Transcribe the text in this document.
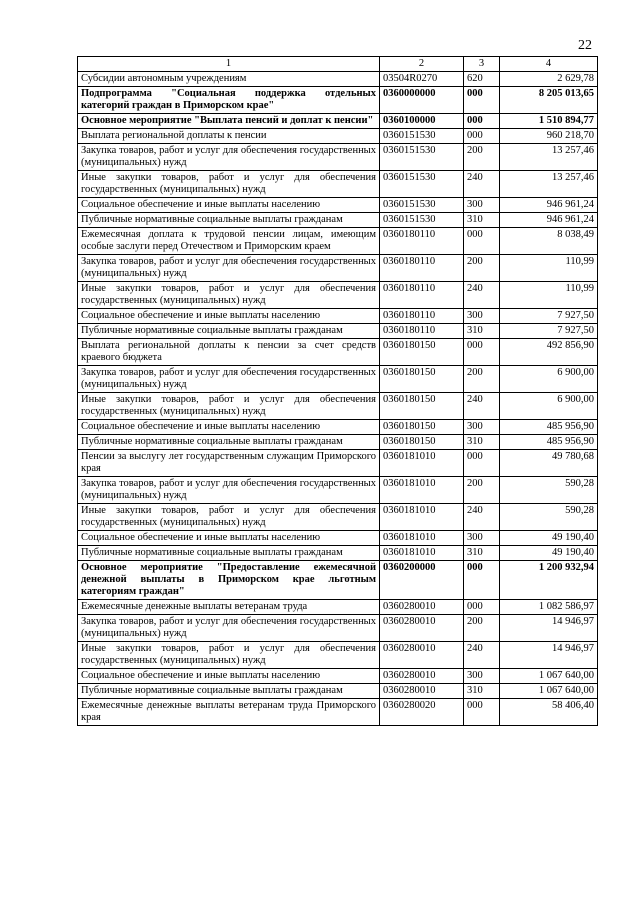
22
1	2	3	4
Субсидии автономным учреждениям	03504R0270	620	2 629,78
Подпрограмма "Социальная поддержка отдельных категорий граждан в Приморском крае"	0360000000	000	8 205 013,65
Основное мероприятие "Выплата пенсий и доплат к пенсии"	0360100000	000	1 510 894,77
Выплата региональной доплаты к пенсии	0360151530	000	960 218,70
Закупка товаров, работ и услуг для обеспечения государственных (муниципальных) нужд	0360151530	200	13 257,46
Иные закупки товаров, работ и услуг для обеспечения государственных (муниципальных) нужд	0360151530	240	13 257,46
Социальное обеспечение и иные выплаты населению	0360151530	300	946 961,24
Публичные нормативные социальные выплаты гражданам	0360151530	310	946 961,24
Ежемесячная доплата к трудовой пенсии лицам, имеющим особые заслуги перед Отечеством и Приморским краем	0360180110	000	8 038,49
Закупка товаров, работ и услуг для обеспечения государственных (муниципальных) нужд	0360180110	200	110,99
Иные закупки товаров, работ и услуг для обеспечения государственных (муниципальных) нужд	0360180110	240	110,99
Социальное обеспечение и иные выплаты населению	0360180110	300	7 927,50
Публичные нормативные социальные выплаты гражданам	0360180110	310	7 927,50
Выплата региональной доплаты к пенсии за счет средств краевого бюджета	0360180150	000	492 856,90
Закупка товаров, работ и услуг для обеспечения государственных (муниципальных) нужд	0360180150	200	6 900,00
Иные закупки товаров, работ и услуг для обеспечения государственных (муниципальных) нужд	0360180150	240	6 900,00
Социальное обеспечение и иные выплаты населению	0360180150	300	485 956,90
Публичные нормативные социальные выплаты гражданам	0360180150	310	485 956,90
Пенсии за выслугу лет государственным служащим Приморского края	0360181010	000	49 780,68
Закупка товаров, работ и услуг для обеспечения государственных (муниципальных) нужд	0360181010	200	590,28
Иные закупки товаров, работ и услуг для обеспечения государственных (муниципальных) нужд	0360181010	240	590,28
Социальное обеспечение и иные выплаты населению	0360181010	300	49 190,40
Публичные нормативные социальные выплаты гражданам	0360181010	310	49 190,40
Основное мероприятие "Предоставление ежемесячной денежной выплаты в Приморском крае льготным категориям граждан"	0360200000	000	1 200 932,94
Ежемесячные денежные выплаты ветеранам труда	0360280010	000	1 082 586,97
Закупка товаров, работ и услуг для обеспечения государственных (муниципальных) нужд	0360280010	200	14 946,97
Иные закупки товаров, работ и услуг для обеспечения государственных (муниципальных) нужд	0360280010	240	14 946,97
Социальное обеспечение и иные выплаты населению	0360280010	300	1 067 640,00
Публичные нормативные социальные выплаты гражданам	0360280010	310	1 067 640,00
Ежемесячные денежные выплаты ветеранам труда Приморского края	0360280020	000	58 406,40
